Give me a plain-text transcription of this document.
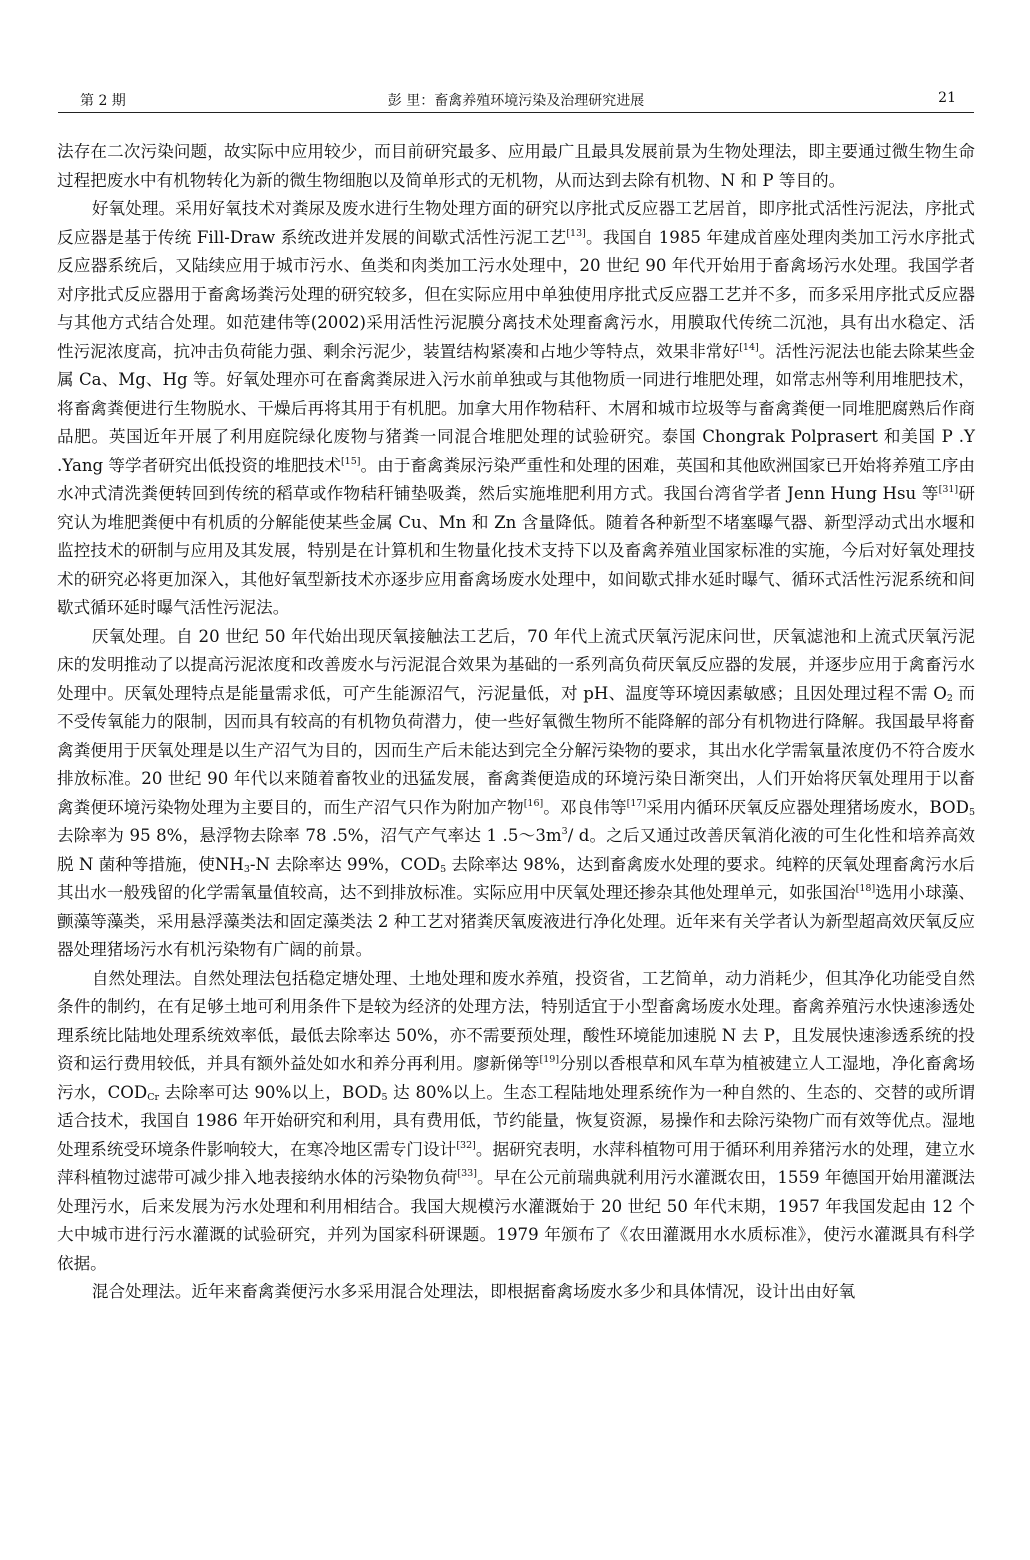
第 2 期	彭 里：畜禽养殖环境污染及治理研究进展	21

法存在二次污染问题，故实际中应用较少，而目前研究最多、应用最广且最具发展前景为生物处理法，即主要通过微生物生命过程把废水中有机物转化为新的微生物细胞以及简单形式的无机物，从而达到去除有机物、N 和 P 等目的。

好氧处理。采用好氧技术对粪尿及废水进行生物处理方面的研究以序批式反应器工艺居首，即序批式活性污泥法，序批式反应器是基于传统 Fill-Draw 系统改进并发展的间歇式活性污泥工艺[13]。我国自 1985 年建成首座处理肉类加工污水序批式反应器系统后，又陆续应用于城市污水、鱼类和肉类加工污水处理中，20 世纪 90 年代开始用于畜禽场污水处理。我国学者对序批式反应器用于畜禽场粪污处理的研究较多，但在实际应用中单独使用序批式反应器工艺并不多，而多采用序批式反应器与其他方式结合处理。如范建伟等(2002)采用活性污泥膜分离技术处理畜禽污水，用膜取代传统二沉池，具有出水稳定、活性污泥浓度高，抗冲击负荷能力强、剩余污泥少，装置结构紧凑和占地少等特点，效果非常好[14]。活性污泥法也能去除某些金属 Ca、Mg、Hg 等。好氧处理亦可在畜禽粪尿进入污水前单独或与其他物质一同进行堆肥处理，如常志州等利用堆肥技术，将畜禽粪便进行生物脱水、干燥后再将其用于有机肥。加拿大用作物秸秆、木屑和城市垃圾等与畜禽粪便一同堆肥腐熟后作商品肥。英国近年开展了利用庭院绿化废物与猪粪一同混合堆肥处理的试验研究。泰国 Chongrak Polprasert 和美国 P .Y .Yang 等学者研究出低投资的堆肥技术[15]。由于畜禽粪尿污染严重性和处理的困难，英国和其他欧洲国家已开始将养殖工序由水冲式清洗粪便转回到传统的稻草或作物秸秆铺垫吸粪，然后实施堆肥利用方式。我国台湾省学者 Jenn Hung Hsu 等[31]研究认为堆肥粪便中有机质的分解能使某些金属 Cu、Mn 和 Zn 含量降低。随着各种新型不堵塞曝气器、新型浮动式出水堰和监控技术的研制与应用及其发展，特别是在计算机和生物量化技术支持下以及畜禽养殖业国家标准的实施，今后对好氧处理技术的研究必将更加深入，其他好氧型新技术亦逐步应用畜禽场废水处理中，如间歇式排水延时曝气、循环式活性污泥系统和间歇式循环延时曝气活性污泥法。

厌氧处理。自 20 世纪 50 年代始出现厌氧接触法工艺后，70 年代上流式厌氧污泥床问世，厌氧滤池和上流式厌氧污泥床的发明推动了以提高污泥浓度和改善废水与污泥混合效果为基础的一系列高负荷厌氧反应器的发展，并逐步应用于禽畜污水处理中。厌氧处理特点是能量需求低，可产生能源沼气，污泥量低，对 pH、温度等环境因素敏感；且因处理过程不需 $O_2$ 而不受传氧能力的限制，因而具有较高的有机物负荷潜力，使一些好氧微生物所不能降解的部分有机物进行降解。我国最早将畜禽粪便用于厌氧处理是以生产沼气为目的，因而生产后未能达到完全分解污染物的要求，其出水化学需氧量浓度仍不符合废水排放标准。20 世纪 90 年代以来随着畜牧业的迅猛发展，畜禽粪便造成的环境污染日渐突出，人们开始将厌氧处理用于以畜禽粪便环境污染物处理为主要目的，而生产沼气只作为附加产物[16]。邓良伟等[17]采用内循环厌氧反应器处理猪场废水，$BOD_5$ 去除率为 95 8%，悬浮物去除率 78 .5%，沼气产气率达 1 $.5\sim 3m^3/$ d。之后又通过改善厌氧消化液的可生化性和培养高效脱 N 菌种等措施，使$NH_3-N$ 去除率达 99%，$COD_5$ 去除率达 98%，达到畜禽废水处理的要求。纯粹的厌氧处理畜禽污水后其出水一般残留的化学需氧量值较高，达不到排放标准。实际应用中厌氧处理还掺杂其他处理单元，如张国治[18]选用小球藻、颤藻等藻类，采用悬浮藻类法和固定藻类法 2 种工艺对猪粪厌氧废液进行净化处理。近年来有关学者认为新型超高效厌氧反应器处理猪场污水有机污染物有广阔的前景。

自然处理法。自然处理法包括稳定塘处理、土地处理和废水养殖，投资省，工艺简单，动力消耗少，但其净化功能受自然条件的制约，在有足够土地可利用条件下是较为经济的处理方法，特别适宜于小型畜禽场废水处理。畜禽养殖污水快速渗透处理系统比陆地处理系统效率低，最低去除率达 50%，亦不需要预处理，酸性环境能加速脱 N 去 P，且发展快速渗透系统的投资和运行费用较低，并具有额外益处如水和养分再利用。廖新俤等[19]分别以香根草和风车草为植被建立人工湿地，净化畜禽场污水，$COD_{Cr}$ 去除率可达 90%以上，$BOD_5$ 达 80%以上。生态工程陆地处理系统作为一种自然的、生态的、交替的或所谓适合技术，我国自 1986 年开始研究和利用，具有费用低，节约能量，恢复资源，易操作和去除污染物广而有效等优点。湿地处理系统受环境条件影响较大，在寒冷地区需专门设计[32]。据研究表明，水萍科植物可用于循环利用养猪污水的处理，建立水萍科植物过滤带可减少排入地表接纳水体的污染物负荷[33]。早在公元前瑞典就利用污水灌溉农田，1559 年德国开始用灌溉法处理污水，后来发展为污水处理和利用相结合。我国大规模污水灌溉始于 20 世纪 50 年代末期，1957 年我国发起由 12 个大中城市进行污水灌溉的试验研究，并列为国家科研课题。1979 年颁布了《农田灌溉用水水质标准》，使污水灌溉具有科学依据。

混合处理法。近年来畜禽粪便污水多采用混合处理法，即根据畜禽场废水多少和具体情况，设计出由好氧
